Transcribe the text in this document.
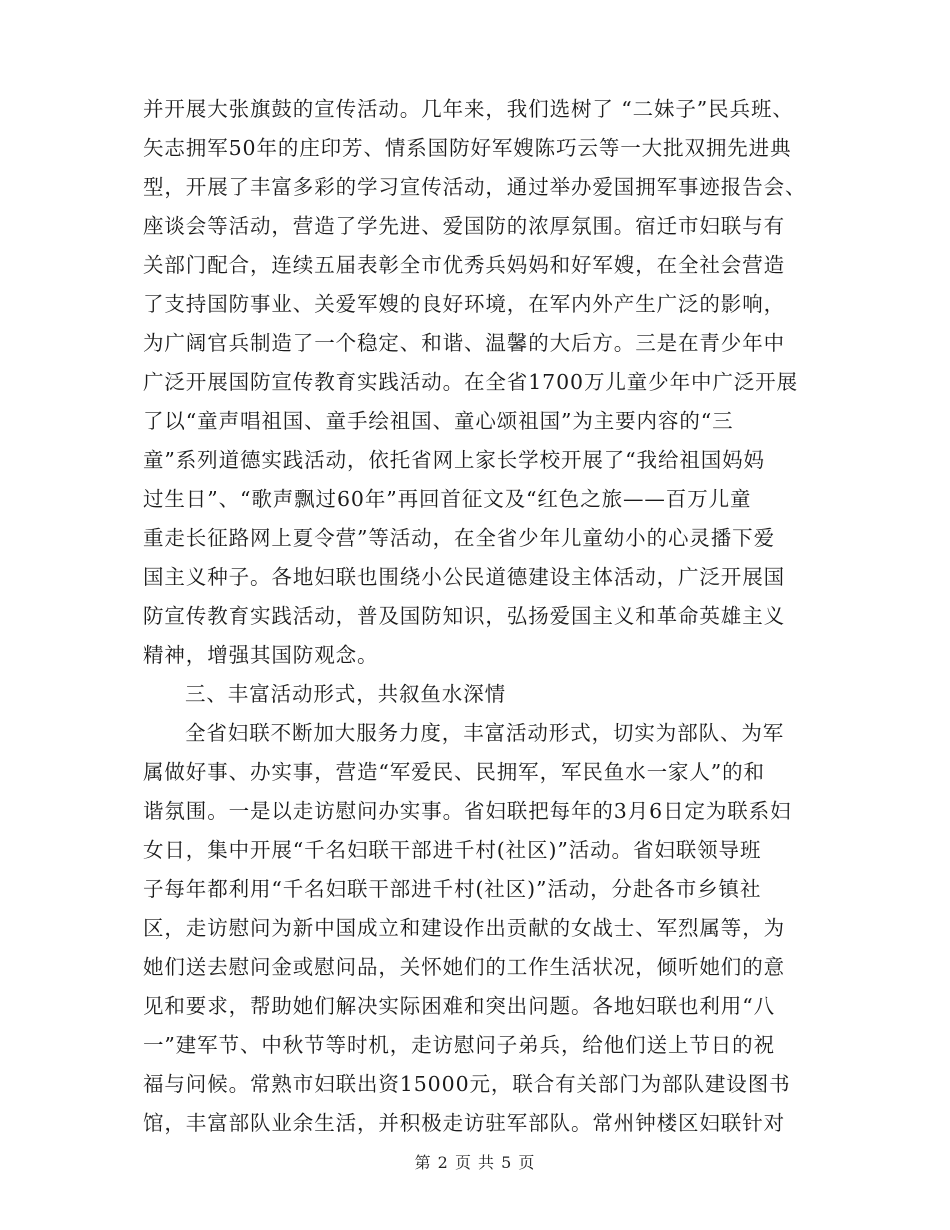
并开展大张旗鼓的宣传活动。几年来，我们选树了 “二妹子”民兵班、
矢志拥军50年的庄印芳、情系国防好军嫂陈巧云等一大批双拥先进典
型，开展了丰富多彩的学习宣传活动，通过举办爱国拥军事迹报告会、
座谈会等活动，营造了学先进、爱国防的浓厚氛围。宿迁市妇联与有
关部门配合，连续五届表彰全市优秀兵妈妈和好军嫂，在全社会营造
了支持国防事业、关爱军嫂的良好环境，在军内外产生广泛的影响，
为广阔官兵制造了一个稳定、和谐、温馨的大后方。三是在青少年中
广泛开展国防宣传教育实践活动。在全省1700万儿童少年中广泛开展
了以“童声唱祖国、童手绘祖国、童心颂祖国”为主要内容的“三
童”系列道德实践活动，依托省网上家长学校开展了“我给祖国妈妈
过生日”、“歌声飘过60年”再回首征文及“红色之旅——百万儿童
重走长征路网上夏令营”等活动，在全省少年儿童幼小的心灵播下爱
国主义种子。各地妇联也围绕小公民道德建设主体活动，广泛开展国
防宣传教育实践活动，普及国防知识，弘扬爱国主义和革命英雄主义
精神，增强其国防观念。
三、丰富活动形式，共叙鱼水深情
全省妇联不断加大服务力度，丰富活动形式，切实为部队、为军
属做好事、办实事，营造“军爱民、民拥军，军民鱼水一家人”的和
谐氛围。一是以走访慰问办实事。省妇联把每年的3月6日定为联系妇
女日，集中开展“千名妇联干部进千村(社区)”活动。省妇联领导班
子每年都利用“千名妇联干部进千村(社区)”活动，分赴各市乡镇社
区，走访慰问为新中国成立和建设作出贡献的女战士、军烈属等，为
她们送去慰问金或慰问品，关怀她们的工作生活状况，倾听她们的意
见和要求，帮助她们解决实际困难和突出问题。各地妇联也利用“八
一”建军节、中秋节等时机，走访慰问子弟兵，给他们送上节日的祝
福与问候。常熟市妇联出资15000元，联合有关部门为部队建设图书
馆，丰富部队业余生活，并积极走访驻军部队。常州钟楼区妇联针对
第 2 页 共 5 页
